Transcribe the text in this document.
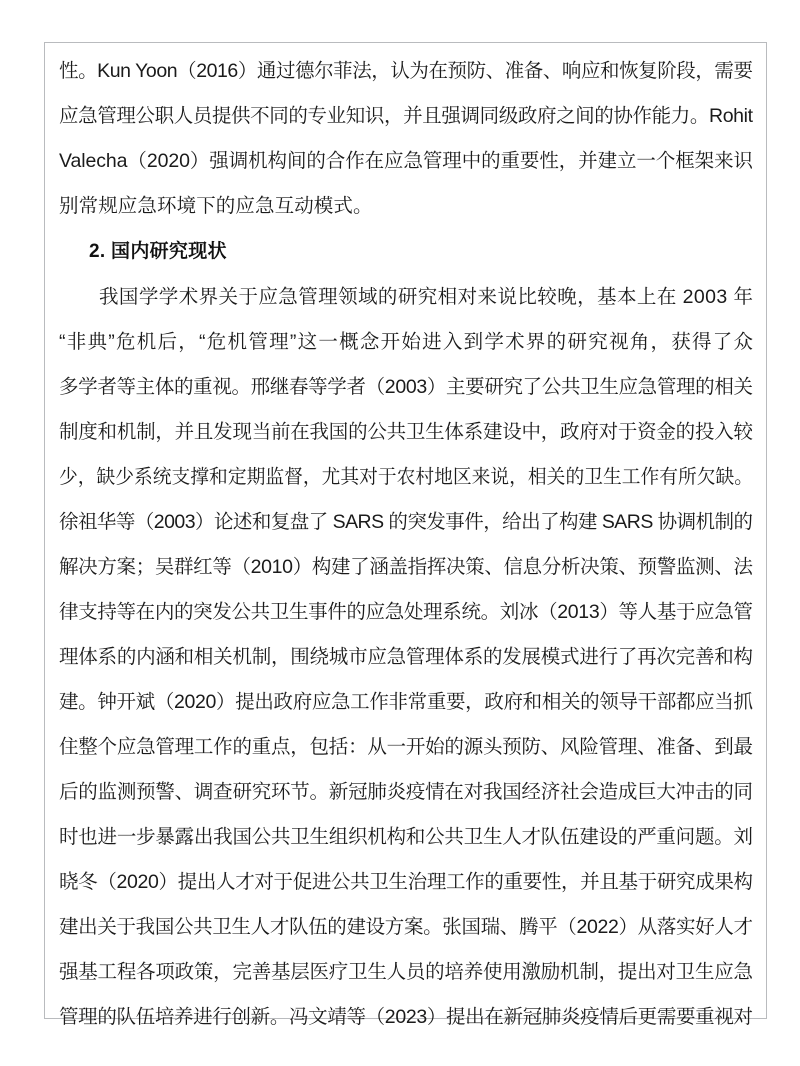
性。Kun Yoon（2016）通过德尔菲法，认为在预防、准备、响应和恢复阶段，需要
应急管理公职人员提供不同的专业知识，并且强调同级政府之间的协作能力。Rohit
Valecha（2020）强调机构间的合作在应急管理中的重要性，并建立一个框架来识
别常规应急环境下的应急互动模式。
2. 国内研究现状
我国学学术界关于应急管理领域的研究相对来说比较晚，基本上在 2003 年
“非典”危机后，“危机管理”这一概念开始进入到学术界的研究视角，获得了众
多学者等主体的重视。邢继春等学者（2003）主要研究了公共卫生应急管理的相关
制度和机制，并且发现当前在我国的公共卫生体系建设中，政府对于资金的投入较
少，缺少系统支撑和定期监督，尤其对于农村地区来说，相关的卫生工作有所欠缺。
徐祖华等（2003）论述和复盘了 SARS 的突发事件，给出了构建 SARS 协调机制的
解决方案；吴群红等（2010）构建了涵盖指挥决策、信息分析决策、预警监测、法
律支持等在内的突发公共卫生事件的应急处理系统。刘冰（2013）等人基于应急管
理体系的内涵和相关机制，围绕城市应急管理体系的发展模式进行了再次完善和构
建。钟开斌（2020）提出政府应急工作非常重要，政府和相关的领导干部都应当抓
住整个应急管理工作的重点，包括：从一开始的源头预防、风险管理、准备、到最
后的监测预警、调查研究环节。新冠肺炎疫情在对我国经济社会造成巨大冲击的同
时也进一步暴露出我国公共卫生组织机构和公共卫生人才队伍建设的严重问题。刘
晓冬（2020）提出人才对于促进公共卫生治理工作的重要性，并且基于研究成果构
建出关于我国公共卫生人才队伍的建设方案。张国瑞、腾平（2022）从落实好人才
强基工程各项政策，完善基层医疗卫生人员的培养使用激励机制，提出对卫生应急
管理的队伍培养进行创新。冯文靖等（2023）提出在新冠肺炎疫情后更需要重视对
